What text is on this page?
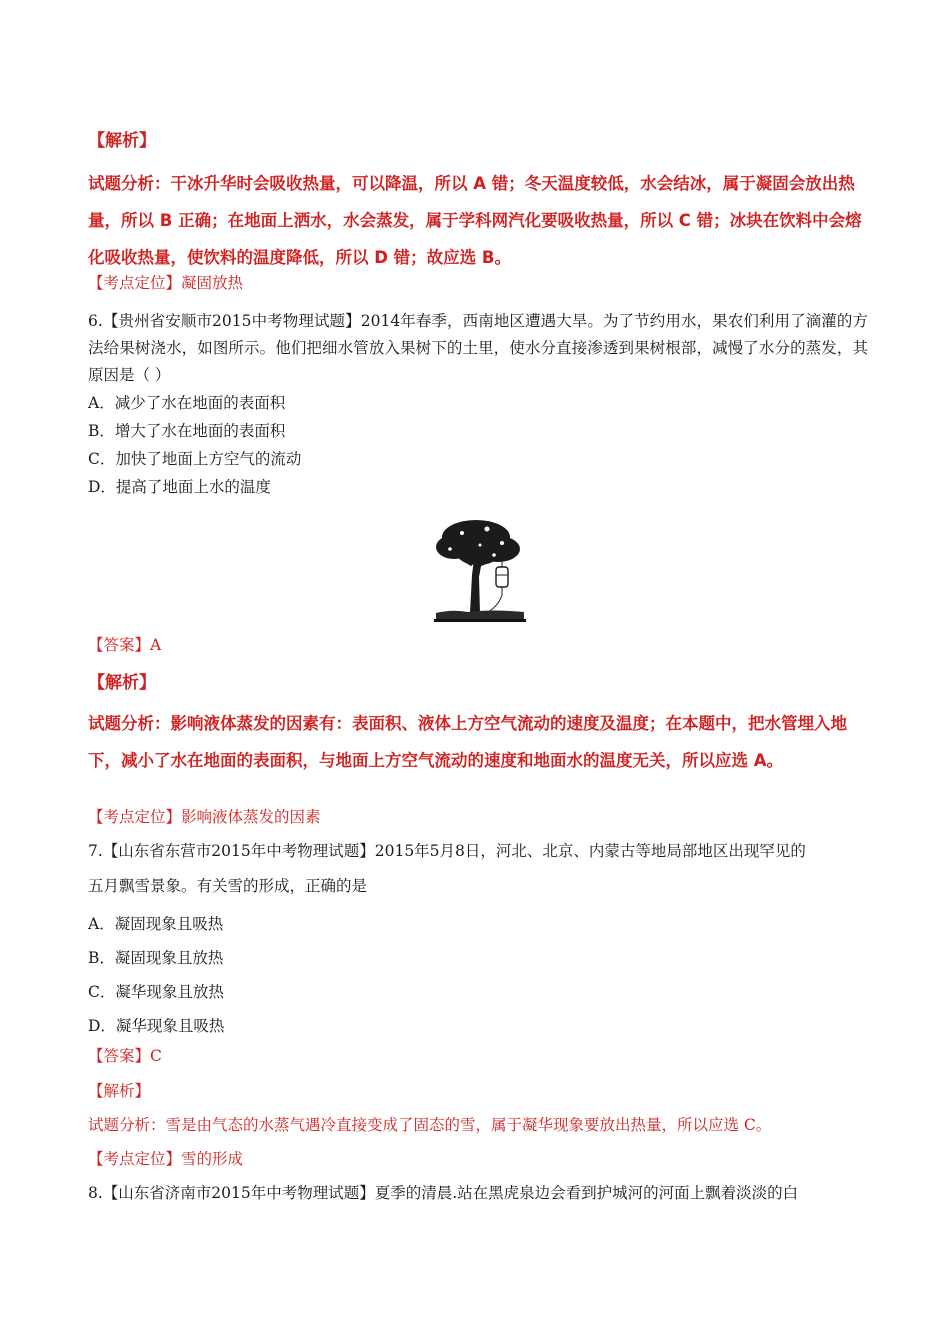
【解析】
试题分析：干冰升华时会吸收热量，可以降温，所以 A 错；冬天温度较低，水会结冰，属于凝固会放出热
量，所以 B 正确；在地面上洒水，水会蒸发，属于学科网汽化要吸收热量，所以 C 错；冰块在饮料中会熔
化吸收热量，使饮料的温度降低，所以 D 错；故应选 B。
【考点定位】凝固放热
6.【贵州省安顺市2015中考物理试题】2014年春季，西南地区遭遇大旱。为了节约用水，果农们利用了滴灌的方法给果树浇水，如图所示。他们把细水管放入果树下的土里，使水分直接渗透到果树根部，减慢了水分的蒸发，其原因是（ ）
A．减少了水在地面的表面积
B．增大了水在地面的表面积
C．加快了地面上方空气的流动
D．提高了地面上水的温度
【答案】A
【解析】
试题分析：影响液体蒸发的因素有：表面积、液体上方空气流动的速度及温度；在本题中，把水管埋入地
下，减小了水在地面的表面积，与地面上方空气流动的速度和地面水的温度无关，所以应选 A。
【考点定位】影响液体蒸发的因素
7.【山东省东营市2015年中考物理试题】2015年5月8日，河北、北京、内蒙古等地局部地区出现罕见的
五月飘雪景象。有关雪的形成，正确的是
A．凝固现象且吸热
B．凝固现象且放热
C．凝华现象且放热
D．凝华现象且吸热
【答案】C
【解析】
试题分析：雪是由气态的水蒸气遇冷直接变成了固态的雪，属于凝华现象要放出热量，所以应选 C。
【考点定位】雪的形成
8.【山东省济南市2015年中考物理试题】夏季的清晨.站在黑虎泉边会看到护城河的河面上飘着淡淡的白
